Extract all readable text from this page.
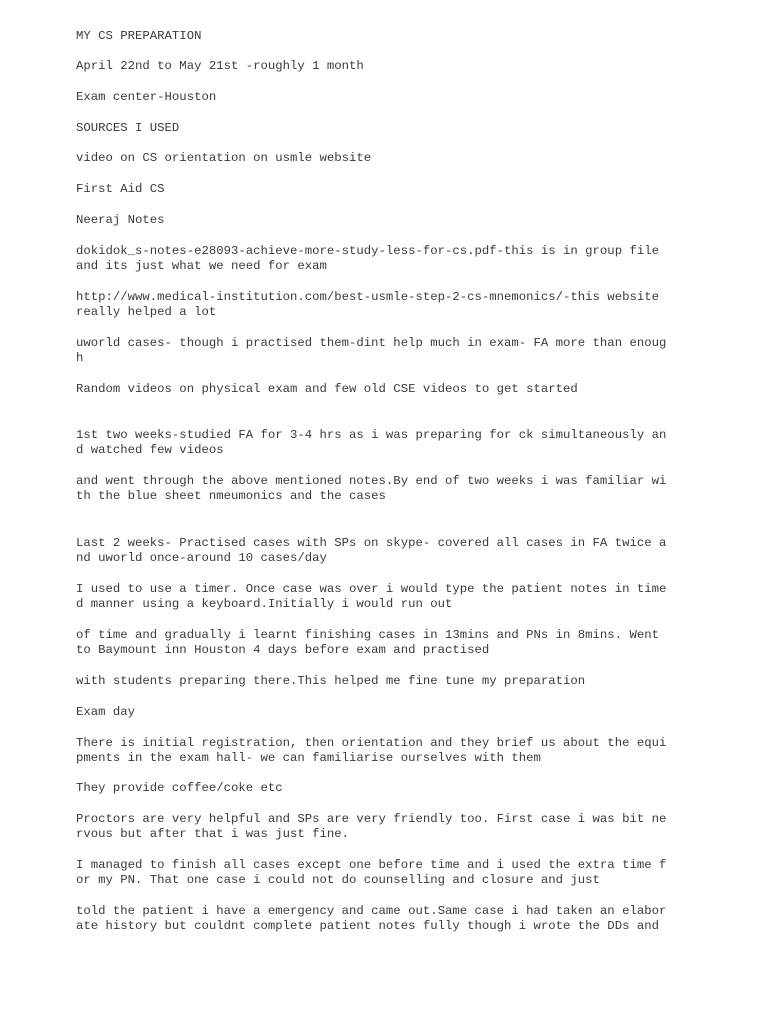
MY CS PREPARATION
April 22nd to May 21st -roughly 1 month
Exam center-Houston
SOURCES I USED
video on CS orientation on usmle website
First Aid CS
Neeraj Notes
dokidok_s-notes-e28093-achieve-more-study-less-for-cs.pdf-this is in group file
and its just what we need for exam
http://www.medical-institution.com/best-usmle-step-2-cs-mnemonics/-this website
really helped a lot
uworld cases- though i practised them-dint help much in exam- FA more than enoug
h
Random videos on physical exam and few old CSE videos to get started
1st two weeks-studied FA for 3-4 hrs as i was preparing for ck simultaneously an
d watched few videos
and went through the above mentioned notes.By end of two weeks i was familiar wi
th the blue sheet nmeumonics and the cases
Last 2 weeks- Practised cases with SPs on skype- covered all cases in FA twice a
nd uworld once-around 10 cases/day
I used to use a timer. Once case was over i would type the patient notes in time
d manner using a keyboard.Initially i would run out
of time and gradually i learnt finishing cases in 13mins and PNs in 8mins. Went
to Baymount inn Houston 4 days before exam and practised
with students preparing there.This helped me fine tune my preparation
Exam day
There is initial registration, then orientation and they brief us about the equi
pments in the exam hall- we can familiarise ourselves with them
They provide coffee/coke etc
Proctors are very helpful and SPs are very friendly too. First case i was bit ne
rvous but after that i was just fine.
I managed to finish all cases except one before time and i used the extra time f
or my PN. That one case i could not do counselling and closure and just
told the patient i have a emergency and came out.Same case i had taken an elabor
ate history but couldnt complete patient notes fully though i wrote the DDs and
